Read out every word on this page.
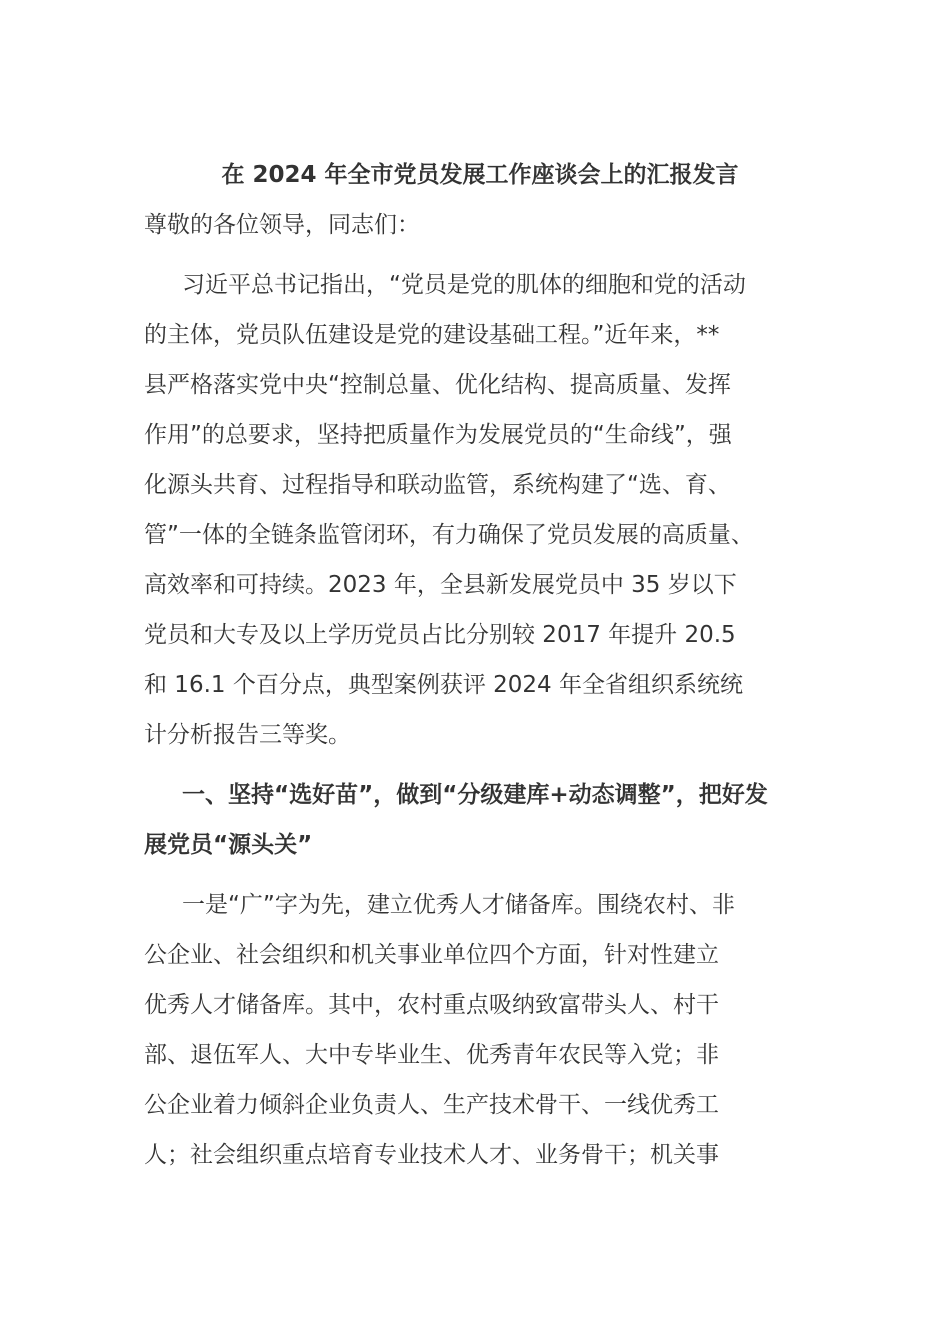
在 2024 年全市党员发展工作座谈会上的汇报发言

尊敬的各位领导，同志们：

习近平总书记指出，“党员是党的肌体的细胞和党的活动
的主体，党员队伍建设是党的建设基础工程。”近年来，**
县严格落实党中央“控制总量、优化结构、提高质量、发挥
作用”的总要求，坚持把质量作为发展党员的“生命线”，强
化源头共育、过程指导和联动监管，系统构建了“选、育、
管”一体的全链条监管闭环，有力确保了党员发展的高质量、
高效率和可持续。2023 年，全县新发展党员中 35 岁以下
党员和大专及以上学历党员占比分别较 2017 年提升 20.5
和 16.1 个百分点，典型案例获评 2024 年全省组织系统统
计分析报告三等奖。
一、坚持“选好苗”，做到“分级建库+动态调整”，把好发
展党员“源头关”
一是“广”字为先，建立优秀人才储备库。围绕农村、非
公企业、社会组织和机关事业单位四个方面，针对性建立
优秀人才储备库。其中，农村重点吸纳致富带头人、村干
部、退伍军人、大中专毕业生、优秀青年农民等入党；非
公企业着力倾斜企业负责人、生产技术骨干、一线优秀工
人；社会组织重点培育专业技术人才、业务骨干；机关事
